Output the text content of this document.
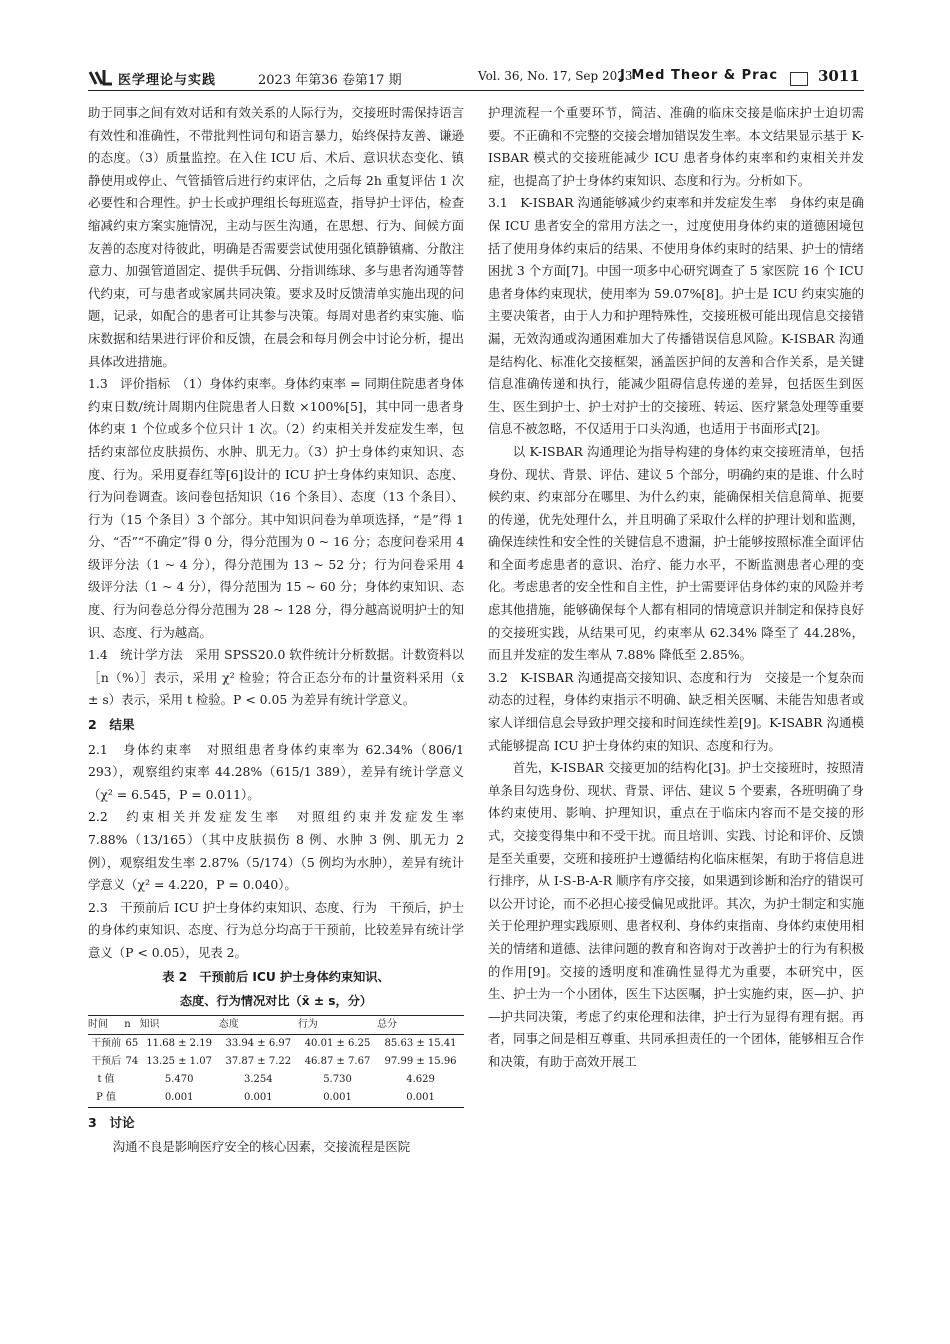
医学理论与实践	2023 年第36 卷第17 期	Vol. 36, No. 17, Sep 2023
J Med Theor & Prac	3011

助于同事之间有效对话和有效关系的人际行为，交接班时需保持语言有效性和准确性，不带批判性词句和语言暴力，始终保持友善、谦逊的态度。（3）质量监控。在入住 ICU 后、术后、意识状态变化、镇静使用或停止、气管插管后进行约束评估，之后每 2h 重复评估 1 次必要性和合理性。护士长或护理组长每班巡查，指导护士评估，检查缩减约束方案实施情况，主动与医生沟通，在思想、行为、间候方面友善的态度对待彼此，明确是否需要尝试使用强化镇静镇痛、分散注意力、加强管道固定、提供手玩偶、分指训练球、多与患者沟通等替代约束，可与患者或家属共同决策。要求及时反馈清单实施出现的问题，记录，如配合的患者可让其参与决策。每周对患者约束实施、临床数据和结果进行评价和反馈，在晨会和每月例会中讨论分析，提出具体改进措施。

1.3　评价指标　（1）身体约束率。身体约束率 = 同期住院患者身体约束日数/统计周期内住院患者人日数 ×100%[5]，其中同一患者身体约束 1 个位或多个位只计 1 次。（2）约束相关并发症发生率，包括约束部位皮肤损伤、水肿、肌无力。（3）护士身体约束知识、态度、行为。采用夏春红等[6]设计的 ICU 护士身体约束知识、态度、行为问卷调查。该问卷包括知识（16 个条目）、态度（13 个条目）、行为（15 个条目）3 个部分。其中知识问卷为单项选择，“是”得 1 分、“否”“不确定”得 0 分，得分范围为 0 ~ 16 分；态度问卷采用 4 级评分法（1 ~ 4 分），得分范围为 13 ~ 52 分；行为问卷采用 4 级评分法（1 ~ 4 分），得分范围为 15 ~ 60 分；身体约束知识、态度、行为问卷总分得分范围为 28 ~ 128 分，得分越高说明护士的知识、态度、行为越高。

1.4　统计学方法　采用 SPSS20.0 软件统计分析数据。计数资料以［n（%）］表示，采用 χ² 检验；符合正态分布的计量资料采用（x̄ ± s）表示，采用 t 检验。P < 0.05 为差异有统计学意义。

2　结果

2.1　身体约束率　对照组患者身体约束率为 62.34%（806/1 293），观察组约束率 44.28%（615/1 389），差异有统计学意义（χ² = 6.545，P = 0.011）。

2.2　约束相关并发症发生率　对照组约束并发症发生率 7.88%（13/165）（其中皮肤损伤 8 例、水肿 3 例、肌无力 2 例），观察组发生率 2.87%（5/174）（5 例均为水肿），差异有统计学意义（χ² = 4.220，P = 0.040）。

2.3　干预前后 ICU 护士身体约束知识、态度、行为　干预后，护士的身体约束知识、态度、行为总分均高于干预前，比较差异有统计学意义（P < 0.05），见表 2。

表 2　干预前后 ICU 护士身体约束知识、
态度、行为情况对比（x̄ ± s，分）
时间	n	知识	态度	行为	总分
干预前	65	11.68 ± 2.19	33.94 ± 6.97	40.01 ± 6.25	85.63 ± 15.41
干预后	74	13.25 ± 1.07	37.87 ± 7.22	46.87 ± 7.67	97.99 ± 15.96
t 值		5.470	3.254	5.730	4.629
P 值		0.001	0.001	0.001	0.001

3　讨论

沟通不良是影响医疗安全的核心因素，交接流程是医院

护理流程一个重要环节，简洁、准确的临床交接是临床护士迫切需要。不正确和不完整的交接会增加错误发生率。本文结果显示基于 K-ISBAR 模式的交接班能减少 ICU 患者身体约束率和约束相关并发症，也提高了护士身体约束知识、态度和行为。分析如下。

3.1　K-ISBAR 沟通能够减少约束率和并发症发生率　身体约束是确保 ICU 患者安全的常用方法之一，过度使用身体约束的道德困境包括了使用身体约束后的结果、不使用身体约束时的结果、护士的情绪困扰 3 个方面[7]。中国一项多中心研究调查了 5 家医院 16 个 ICU 患者身体约束现状，使用率为 59.07%[8]。护士是 ICU 约束实施的主要决策者，由于人力和护理特殊性，交接班极可能出现信息交接错漏，无效沟通或沟通困难加大了传播错误信息风险。K-ISBAR 沟通是结构化、标准化交接框架，涵盖医护间的友善和合作关系，是关键信息准确传递和执行，能减少阻碍信息传递的差异，包括医生到医生、医生到护士、护士对护士的交接班、转运、医疗紧急处理等重要信息不被忽略，不仅适用于口头沟通，也适用于书面形式[2]。

以 K-ISBAR 沟通理论为指导构建的身体约束交接班清单，包括身份、现状、背景、评估、建议 5 个部分，明确约束的是谁、什么时候约束、约束部分在哪里、为什么约束，能确保相关信息简单、扼要的传递，优先处理什么，并且明确了采取什么样的护理计划和监测，确保连续性和安全性的关键信息不遗漏，护士能够按照标准全面评估和全面考虑患者的意识、治疗、能力水平，不断监测患者心理的变化。考虑患者的安全性和自主性，护士需要评估身体约束的风险并考虑其他措施，能够确保每个人都有相同的情境意识并制定和保持良好的交接班实践，从结果可见，约束率从 62.34% 降至了 44.28%，而且并发症的发生率从 7.88% 降低至 2.85%。

3.2　K-ISBAR 沟通提高交接知识、态度和行为　交接是一个复杂而动态的过程，身体约束指示不明确、缺乏相关医嘱、未能告知患者或家人详细信息会导致护理交接和时间连续性差[9]。K-ISABR 沟通模式能够提高 ICU 护士身体约束的知识、态度和行为。

首先，K-ISBAR 交接更加的结构化[3]。护士交接班时，按照清单条目勾选身份、现状、背景、评估、建议 5 个要素，各班明确了身体约束使用、影响、护理知识，重点在于临床内容而不是交接的形式，交接变得集中和不受干扰。而且培训、实践、讨论和评价、反馈是至关重要，交班和接班护士遵循结构化临床框架，有助于将信息进行排序，从 I-S-B-A-R 顺序有序交接，如果遇到诊断和治疗的错误可以公开讨论，而不必担心接受偏见或批评。其次，为护士制定和实施关于伦理护理实践原则、患者权利、身体约束指南、身体约束使用相关的情绪和道德、法律问题的教育和咨询对于改善护士的行为有积极的作用[9]。交接的透明度和准确性显得尤为重要，本研究中，医生、护士为一个小团体，医生下达医嘱，护士实施约束，医—护、护—护共同决策，考虑了约束伦理和法律，护士行为显得有理有据。再者，同事之间是相互尊重、共同承担责任的一个团体，能够相互合作和决策，有助于高效开展工
